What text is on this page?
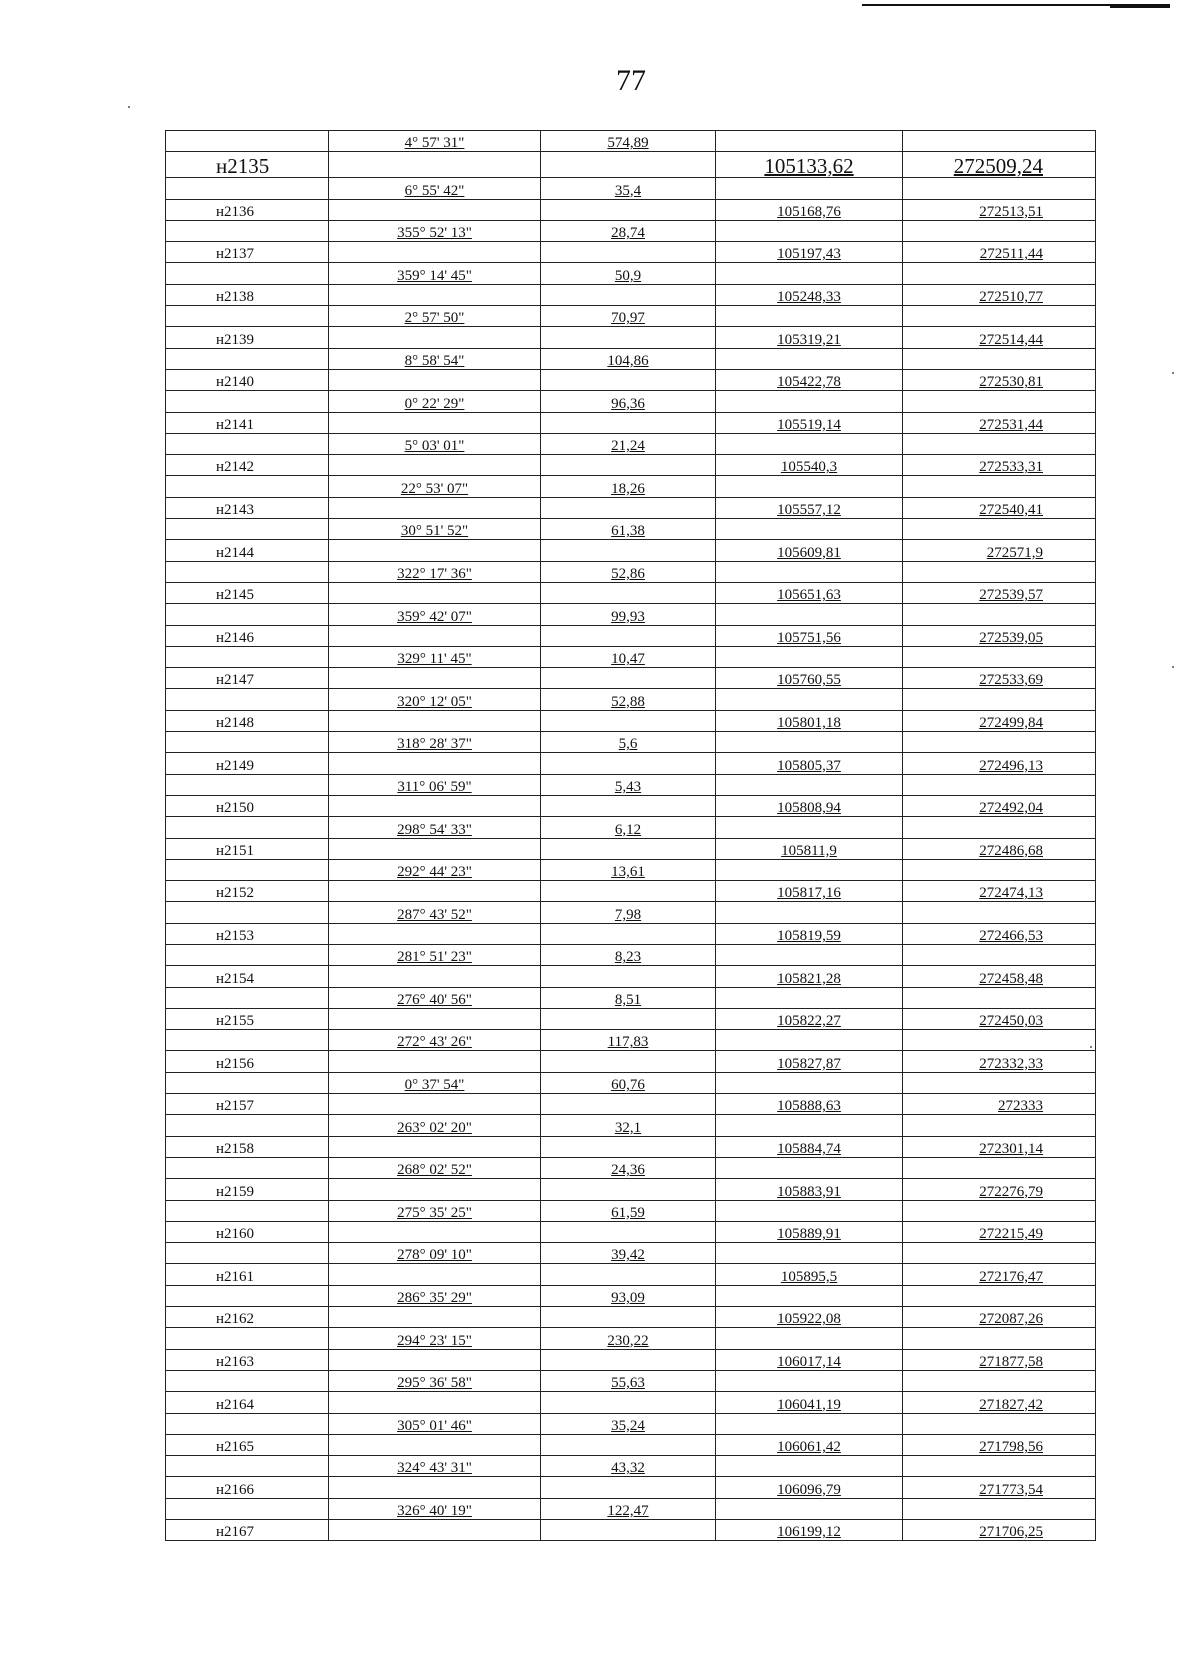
77
	4° 57' 31"	574,89		
н2135			105133,62	272509,24
	6° 55' 42"	35,4		
н2136			105168,76	272513,51
	355° 52' 13"	28,74		
н2137			105197,43	272511,44
	359° 14' 45"	50,9		
н2138			105248,33	272510,77
	2° 57' 50"	70,97		
н2139			105319,21	272514,44
	8° 58' 54"	104,86		
н2140			105422,78	272530,81
	0° 22' 29"	96,36		
н2141			105519,14	272531,44
	5° 03' 01"	21,24		
н2142			105540,3	272533,31
	22° 53' 07"	18,26		
н2143			105557,12	272540,41
	30° 51' 52"	61,38		
н2144			105609,81	272571,9
	322° 17' 36"	52,86		
н2145			105651,63	272539,57
	359° 42' 07"	99,93		
н2146			105751,56	272539,05
	329° 11' 45"	10,47		
н2147			105760,55	272533,69
	320° 12' 05"	52,88		
н2148			105801,18	272499,84
	318° 28' 37"	5,6		
н2149			105805,37	272496,13
	311° 06' 59"	5,43		
н2150			105808,94	272492,04
	298° 54' 33"	6,12		
н2151			105811,9	272486,68
	292° 44' 23"	13,61		
н2152			105817,16	272474,13
	287° 43' 52"	7,98		
н2153			105819,59	272466,53
	281° 51' 23"	8,23		
н2154			105821,28	272458,48
	276° 40' 56"	8,51		
н2155			105822,27	272450,03
	272° 43' 26"	117,83		
н2156			105827,87	272332,33
	0° 37' 54"	60,76		
н2157			105888,63	272333
	263° 02' 20"	32,1		
н2158			105884,74	272301,14
	268° 02' 52"	24,36		
н2159			105883,91	272276,79
	275° 35' 25"	61,59		
н2160			105889,91	272215,49
	278° 09' 10"	39,42		
н2161			105895,5	272176,47
	286° 35' 29"	93,09		
н2162			105922,08	272087,26
	294° 23' 15"	230,22		
н2163			106017,14	271877,58
	295° 36' 58"	55,63		
н2164			106041,19	271827,42
	305° 01' 46"	35,24		
н2165			106061,42	271798,56
	324° 43' 31"	43,32		
н2166			106096,79	271773,54
	326° 40' 19"	122,47		
н2167			106199,12	271706,25
